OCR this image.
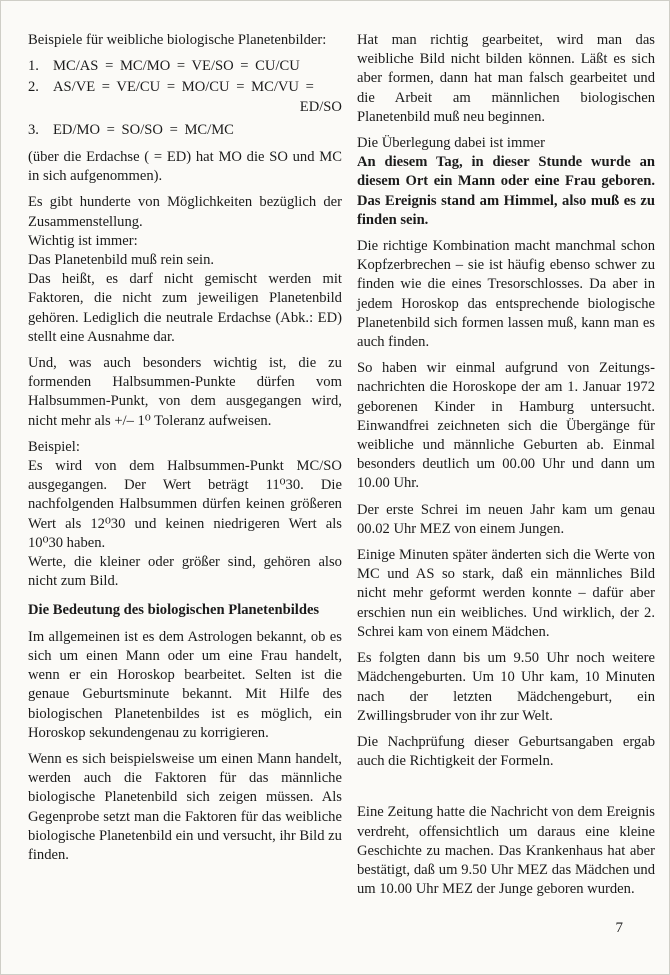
Beispiele für weibliche biologische Planetenbilder:

1. MC/AS = MC/MO = VE/SO = CU/CU
2. AS/VE = VE/CU = MO/CU = MC/VU =
ED/SO
3. ED/MO = SO/SO = MC/MC

(über die Erdachse ( = ED) hat MO die SO und MC in sich aufgenommen).

Es gibt hunderte von Möglichkeiten bezüglich der Zusammenstellung.
Wichtig ist immer:
Das Planetenbild muß rein sein.
Das heißt, es darf nicht gemischt werden mit Faktoren, die nicht zum jeweiligen Planetenbild gehören. Lediglich die neutrale Erdachse (Abk.: ED) stellt eine Ausnahme dar.

Und, was auch besonders wichtig ist, die zu formenden Halbsummen-Punkte dürfen vom Halbsummen-Punkt, von dem ausgegangen wird, nicht mehr als +/– 1⁰ Toleranz aufweisen.

Beispiel:
Es wird von dem Halbsummen-Punkt MC/SO ausgegangen. Der Wert beträgt 11⁰30. Die nachfolgenden Halbsummen dürfen keinen größeren Wert als 12⁰30 und keinen niedrigeren Wert als 10⁰30 haben.
Werte, die kleiner oder größer sind, gehören also nicht zum Bild.
Die Bedeutung des biologischen Planetenbildes

Im allgemeinen ist es dem Astrologen bekannt, ob es sich um einen Mann oder um eine Frau handelt, wenn er ein Horoskop bearbeitet. Selten ist die genaue Geburtsminute bekannt. Mit Hilfe des biologischen Planetenbildes ist es möglich, ein Horoskop sekundengenau zu korrigieren.

Wenn es sich beispielsweise um einen Mann handelt, werden auch die Faktoren für das männliche biologische Planetenbild sich zeigen müssen. Als Gegenprobe setzt man die Faktoren für das weibliche biologische Planetenbild ein und versucht, ihr Bild zu finden.

Hat man richtig gearbeitet, wird man das weibliche Bild nicht bilden können. Läßt es sich aber formen, dann hat man falsch gearbeitet und die Arbeit am männlichen biologischen Planetenbild muß neu beginnen.

Die Überlegung dabei ist immer
An diesem Tag, in dieser Stunde wurde an diesem Ort ein Mann oder eine Frau geboren. Das Ereignis stand am Himmel, also muß es zu finden sein.

Die richtige Kombination macht manchmal schon Kopfzerbrechen – sie ist häufig ebenso schwer zu finden wie die eines Tresorschlosses. Da aber in jedem Horoskop das entsprechende biologische Planetenbild sich formen lassen muß, kann man es auch finden.

So haben wir einmal aufgrund von Zeitungsnachrichten die Horoskope der am 1. Januar 1972 geborenen Kinder in Hamburg untersucht. Einwandfrei zeichneten sich die Übergänge für weibliche und männliche Geburten ab. Einmal besonders deutlich um 00.00 Uhr und dann um 10.00 Uhr.

Der erste Schrei im neuen Jahr kam um genau 00.02 Uhr MEZ von einem Jungen.

Einige Minuten später änderten sich die Werte von MC und AS so stark, daß ein männliches Bild nicht mehr geformt werden konnte – dafür aber erschien nun ein weibliches. Und wirklich, der 2. Schrei kam von einem Mädchen.

Es folgten dann bis um 9.50 Uhr noch weitere Mädchengeburten. Um 10 Uhr kam, 10 Minuten nach der letzten Mädchengeburt, ein Zwillingsbruder von ihr zur Welt.

Die Nachprüfung dieser Geburtsangaben ergab auch die Richtigkeit der Formeln.

Eine Zeitung hatte die Nachricht von dem Ereignis verdreht, offensichtlich um daraus eine kleine Geschichte zu machen. Das Krankenhaus hat aber bestätigt, daß um 9.50 Uhr MEZ das Mädchen und um 10.00 Uhr MEZ der Junge geboren wurden.

7
